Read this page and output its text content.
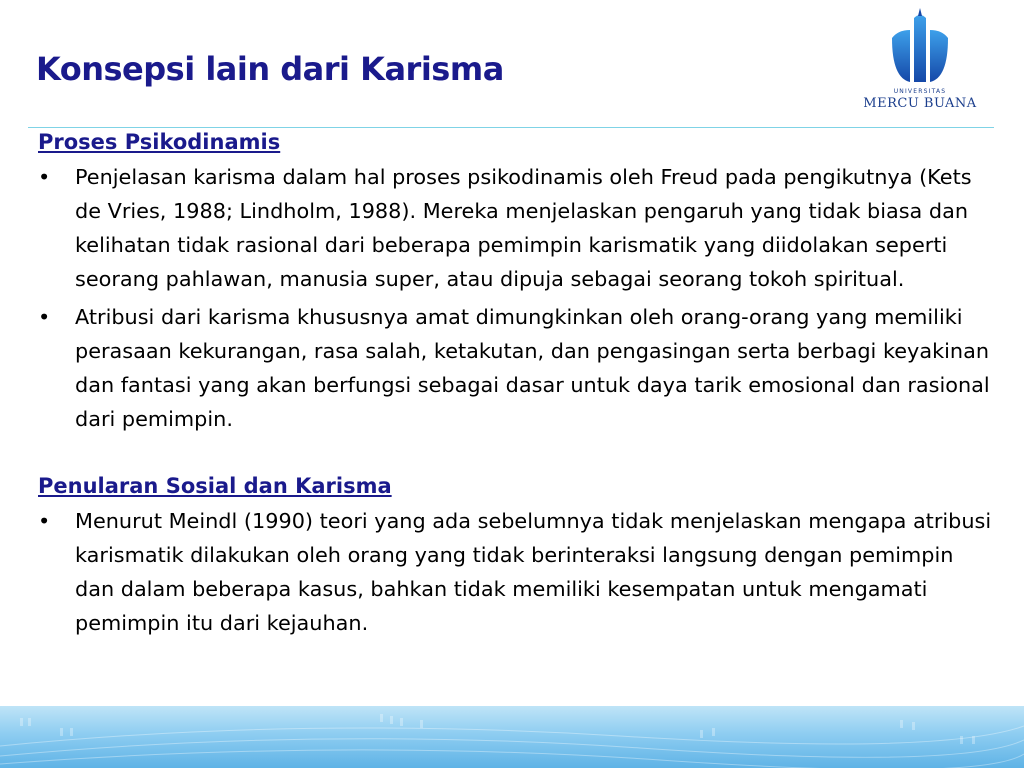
Konsepsi lain dari Karisma
UNIVERSITAS
MERCU BUANA
Proses Psikodinamis
• Penjelasan karisma dalam hal proses psikodinamis oleh Freud pada pengikutnya (Kets de Vries, 1988; Lindholm, 1988). Mereka menjelaskan pengaruh yang tidak biasa dan kelihatan tidak rasional dari beberapa pemimpin karismatik yang diidolakan seperti seorang pahlawan, manusia super, atau dipuja sebagai seorang tokoh spiritual.
• Atribusi dari karisma khususnya amat dimungkinkan oleh orang-orang yang memiliki perasaan kekurangan, rasa salah, ketakutan, dan pengasingan serta berbagi keyakinan dan fantasi yang akan berfungsi sebagai dasar untuk daya tarik emosional dan rasional dari pemimpin.
Penularan Sosial dan Karisma
• Menurut Meindl (1990) teori yang ada sebelumnya tidak menjelaskan mengapa atribusi karismatik dilakukan oleh orang yang tidak berinteraksi langsung dengan pemimpin dan dalam beberapa kasus, bahkan tidak memiliki kesempatan untuk mengamati pemimpin itu dari kejauhan.
